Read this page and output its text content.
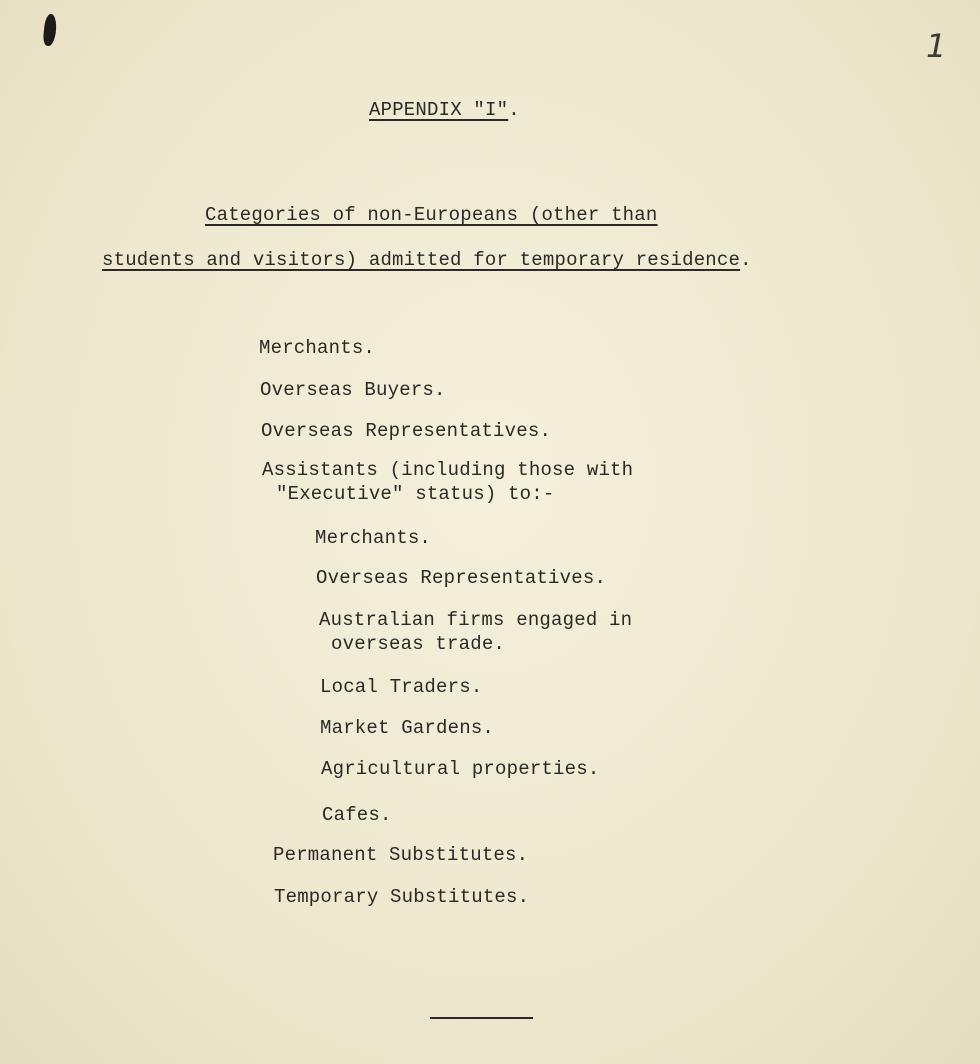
1
APPENDIX "I".
Categories of non-Europeans (other than
students and visitors) admitted for temporary residence.
Merchants.
Overseas Buyers.
Overseas Representatives.
Assistants (including those with
"Executive" status) to:-
Merchants.
Overseas Representatives.
Australian firms engaged in
overseas trade.
Local Traders.
Market Gardens.
Agricultural properties.
Cafes.
Permanent Substitutes.
Temporary Substitutes.
